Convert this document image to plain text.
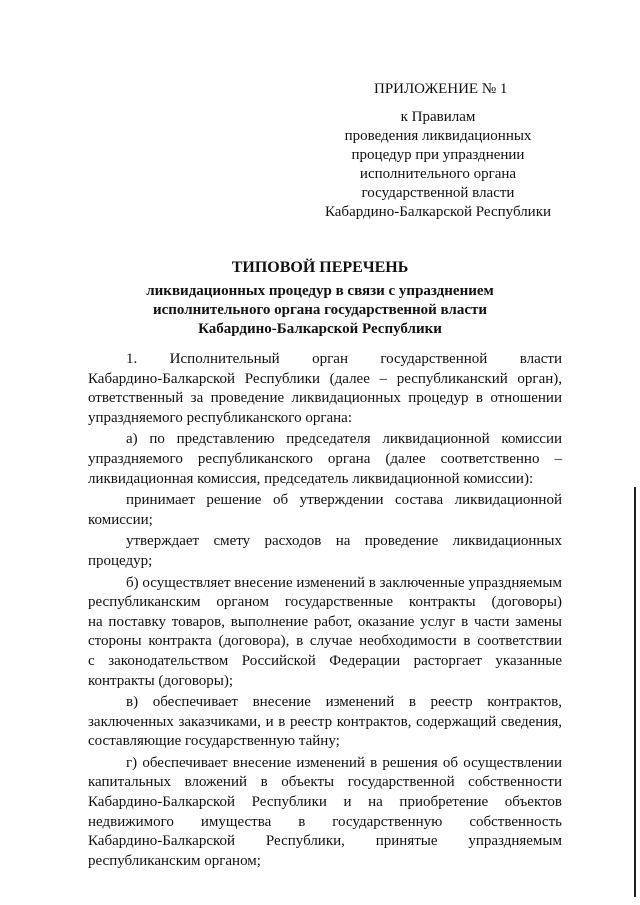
ПРИЛОЖЕНИЕ № 1
к Правилам
проведения ликвидационных
процедур при упразднении
исполнительного органа
государственной власти
Кабардино-Балкарской Республики
ТИПОВОЙ ПЕРЕЧЕНЬ
ликвидационных процедур в связи с упразднением
исполнительного органа государственной власти
Кабардино-Балкарской Республики
1. Исполнительный орган государственной власти
Кабардино-Балкарской Республики (далее – республиканский орган),
ответственный за проведение ликвидационных процедур в отношении
упраздняемого республиканского органа:
а) по представлению председателя ликвидационной комиссии
упраздняемого республиканского органа (далее соответственно –
ликвидационная комиссия, председатель ликвидационной комиссии):
принимает решение об утверждении состава ликвидационной
комиссии;
утверждает смету расходов на проведение ликвидационных
процедур;
б) осуществляет внесение изменений в заключенные упраздняемым
республиканским органом государственные контракты (договоры)
на поставку товаров, выполнение работ, оказание услуг в части замены
стороны контракта (договора), в случае необходимости в соответствии
с законодательством Российской Федерации расторгает указанные
контракты (договоры);
в) обеспечивает внесение изменений в реестр контрактов,
заключенных заказчиками, и в реестр контрактов, содержащий сведения,
составляющие государственную тайну;
г) обеспечивает внесение изменений в решения об осуществлении
капитальных вложений в объекты государственной собственности
Кабардино-Балкарской Республики и на приобретение объектов
недвижимого имущества в государственную собственность
Кабардино-Балкарской Республики, принятые упраздняемым
республиканским органом;
